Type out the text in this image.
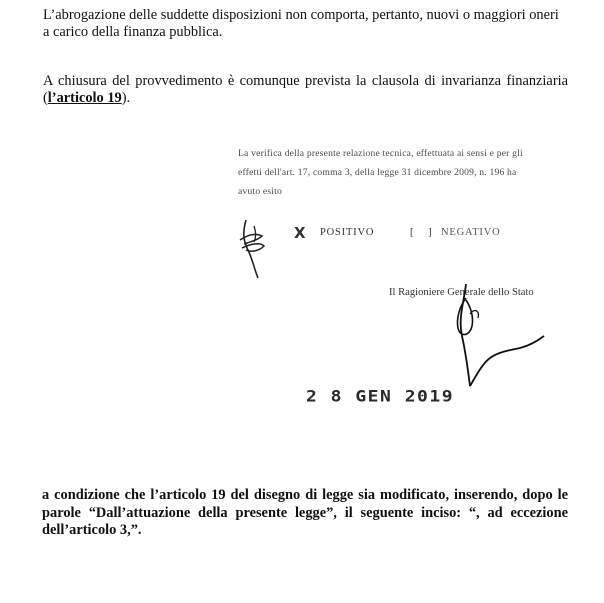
L’abrogazione delle suddette disposizioni non comporta, pertanto, nuovi o maggiori oneri a carico della finanza pubblica.

A chiusura del provvedimento è comunque prevista la clausola di invarianza finanziaria (l’articolo 19).

La verifica della presente relazione tecnica, effettuata ai sensi e per gli
effetti dell'art. 17, comma 3, della legge 31 dicembre 2009, n. 196 ha
avuto esito
X POSITIVO	[ ] NEGATIVO
Il Ragioniere Generale dello Stato
2 8 GEN 2019

a condizione che l’articolo 19 del disegno di legge sia modificato, inserendo, dopo le parole “Dall’attuazione della presente legge”, il seguente inciso: “, ad eccezione dell’articolo 3,”.
